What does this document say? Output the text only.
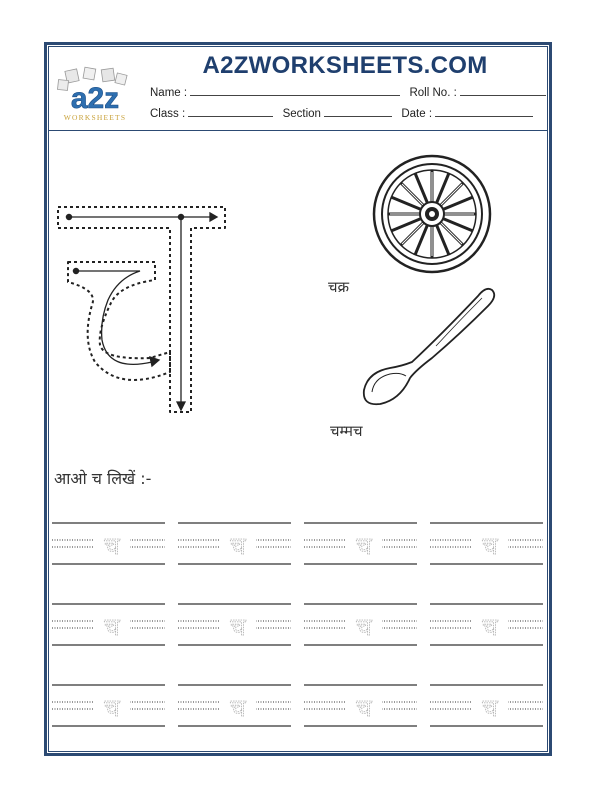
a2z
WORKSHEETS
A2ZWORKSHEETS.COM
Name :	Roll No. :
Class :	Section	Date :
चक्र
चम्मच
आओ च लिखें :-
च	च	च	च
च	च	च	च
च	च	च	च
